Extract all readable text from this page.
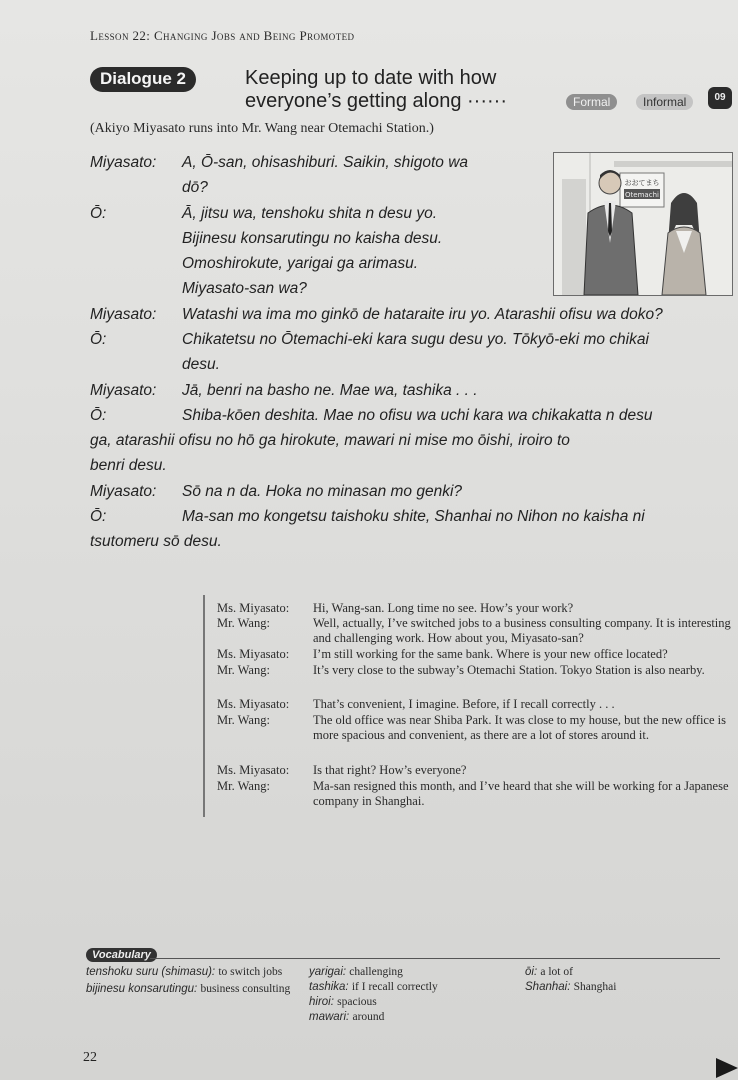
Lesson 22: Changing Jobs and Being Promoted
Dialogue 2	Keeping up to date with how
everyone’s getting along ······	Formal	Informal	09
(Akiyo Miyasato runs into Mr. Wang near Otemachi Station.)
おおてまち
Otemachi
Miyasato:	A, Ō-san, ohisashiburi. Saikin, shigoto wa
dō?
Ō:	Ā, jitsu wa, tenshoku shita n desu yo.
Bijinesu konsarutingu no kaisha desu.
Omoshirokute, yarigai ga arimasu.
Miyasato-san wa?
Miyasato:	Watashi wa ima mo ginkō de hataraite iru yo. Atarashii ofisu wa doko?
Ō:	Chikatetsu no Ōtemachi-eki kara sugu desu yo. Tōkyō-eki mo chikai
desu.
Miyasato:	Jā, benri na basho ne. Mae wa, tashika . . .
Ō:	Shiba-kōen deshita. Mae no ofisu wa uchi kara wa chikakatta n desu
ga, atarashii ofisu no hō ga hirokute, mawari ni mise mo ōishi, iroiro to
benri desu.
Miyasato:	Sō na n da. Hoka no minasan mo genki?
Ō:	Ma-san mo kongetsu taishoku shite, Shanhai no Nihon no kaisha ni
tsutomeru sō desu.
Ms. Miyasato:	Hi, Wang-san. Long time no see. How’s your work?
Mr. Wang:	Well, actually, I’ve switched jobs to a business consulting company. It is interesting and challenging work. How about you, Miyasato-san?
Ms. Miyasato:	I’m still working for the same bank. Where is your new office located?
Mr. Wang:	It’s very close to the subway’s Otemachi Station. Tokyo Station is also nearby.
Ms. Miyasato:	That’s convenient, I imagine. Before, if I recall correctly . . .
Mr. Wang:	The old office was near Shiba Park. It was close to my house, but the new office is more spacious and convenient, as there are a lot of stores around it.
Ms. Miyasato:	Is that right? How’s everyone?
Mr. Wang:	Ma-san resigned this month, and I’ve heard that she will be working for a Japanese company in Shanghai.
Vocabulary
tenshoku suru (shimasu): to switch jobs
bijinesu konsarutingu: business consulting
yarigai: challenging
tashika: if I recall correctly
hiroi: spacious
mawari: around
ōi: a lot of
Shanhai: Shanghai
22
